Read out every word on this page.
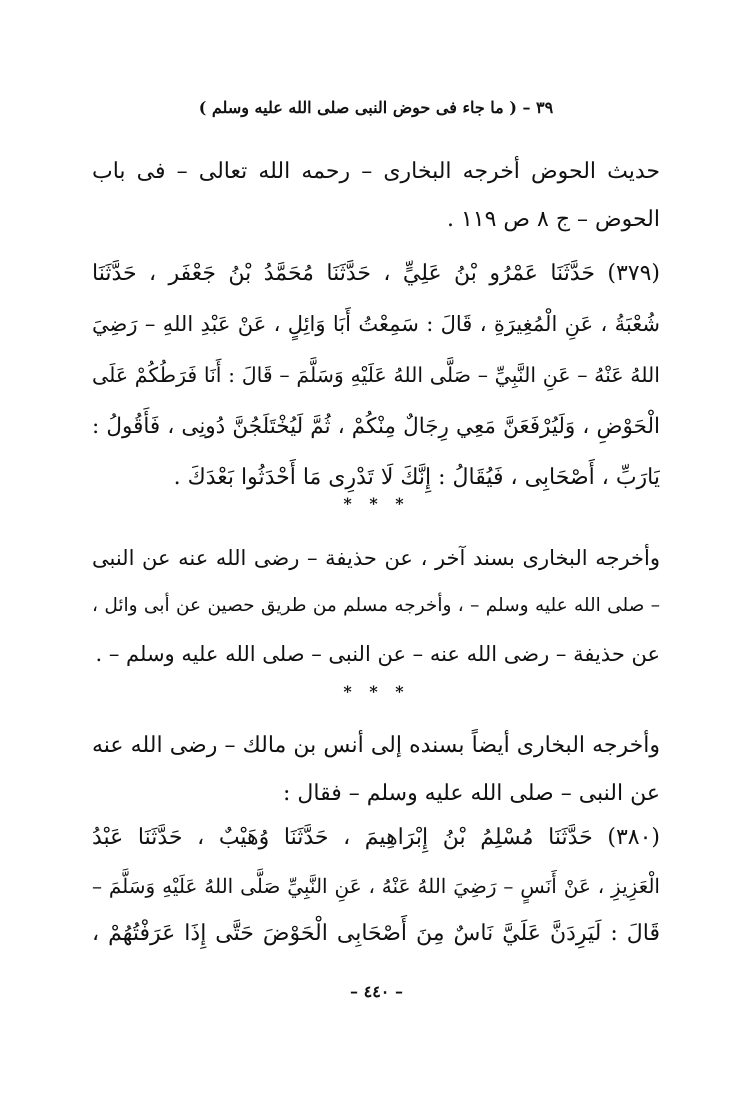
٣٩ – ( ما جاء فى حوض النبى صلى الله عليه وسلم )
حديث الحوض أخرجه البخارى – رحمه الله تعالى – فى باب
الحوض – ج ٨ ص ١١٩ .
(٣٧٩) حَدَّثَنَا عَمْرُو بْنُ عَلِيٍّ ، حَدَّثَنَا مُحَمَّدُ بْنُ جَعْفَر ، حَدَّثَنَا
شُعْبَةُ ، عَنِ الْمُغِيرَةِ ، قَالَ : سَمِعْتُ أَبَا وَائِلٍ ، عَنْ عَبْدِ اللهِ – رَضِيَ
اللهُ عَنْهُ – عَنِ النَّبِيِّ – صَلَّى اللهُ عَلَيْهِ وَسَلَّمَ – قَالَ : أَنَا فَرَطُكُمْ عَلَى
الْحَوْضِ ، وَلَيُرْفَعَنَّ مَعِي رِجَالٌ مِنْكُمْ ، ثُمَّ لَيُخْتَلَجُنَّ دُونِى ، فَأَقُولُ :
يَارَبِّ ، أَصْحَابِى ، فَيُقَالُ : إِنَّكَ لَا تَدْرِى مَا أَحْدَثُوا بَعْدَكَ .
* * *
وأخرجه البخارى بسند آخر ، عن حذيفة – رضى الله عنه عن النبى
– صلى الله عليه وسلم – ، وأخرجه مسلم من طريق حصين عن أبى وائل ،
عن حذيفة – رضى الله عنه – عن النبى – صلى الله عليه وسلم – .
* * *
وأخرجه البخارى أيضاً بسنده إلى أنس بن مالك – رضى الله عنه
عن النبى – صلى الله عليه وسلم – فقال :
(٣٨٠) حَدَّثَنَا مُسْلِمُ بْنُ إِبْرَاهِيمَ ، حَدَّثَنَا وُهَيْبٌ ، حَدَّثَنَا عَبْدُ
الْعَزِيزِ ، عَنْ أَنَسٍ – رَضِيَ اللهُ عَنْهُ ، عَنِ النَّبِيِّ صَلَّى اللهُ عَلَيْهِ وَسَلَّمَ –
قَالَ : لَيَرِدَنَّ عَلَيَّ نَاسٌ مِنَ أَصْحَابِى الْحَوْضَ حَتَّى إِذَا عَرَفْتُهُمْ ،
– ٤٤٠ –
